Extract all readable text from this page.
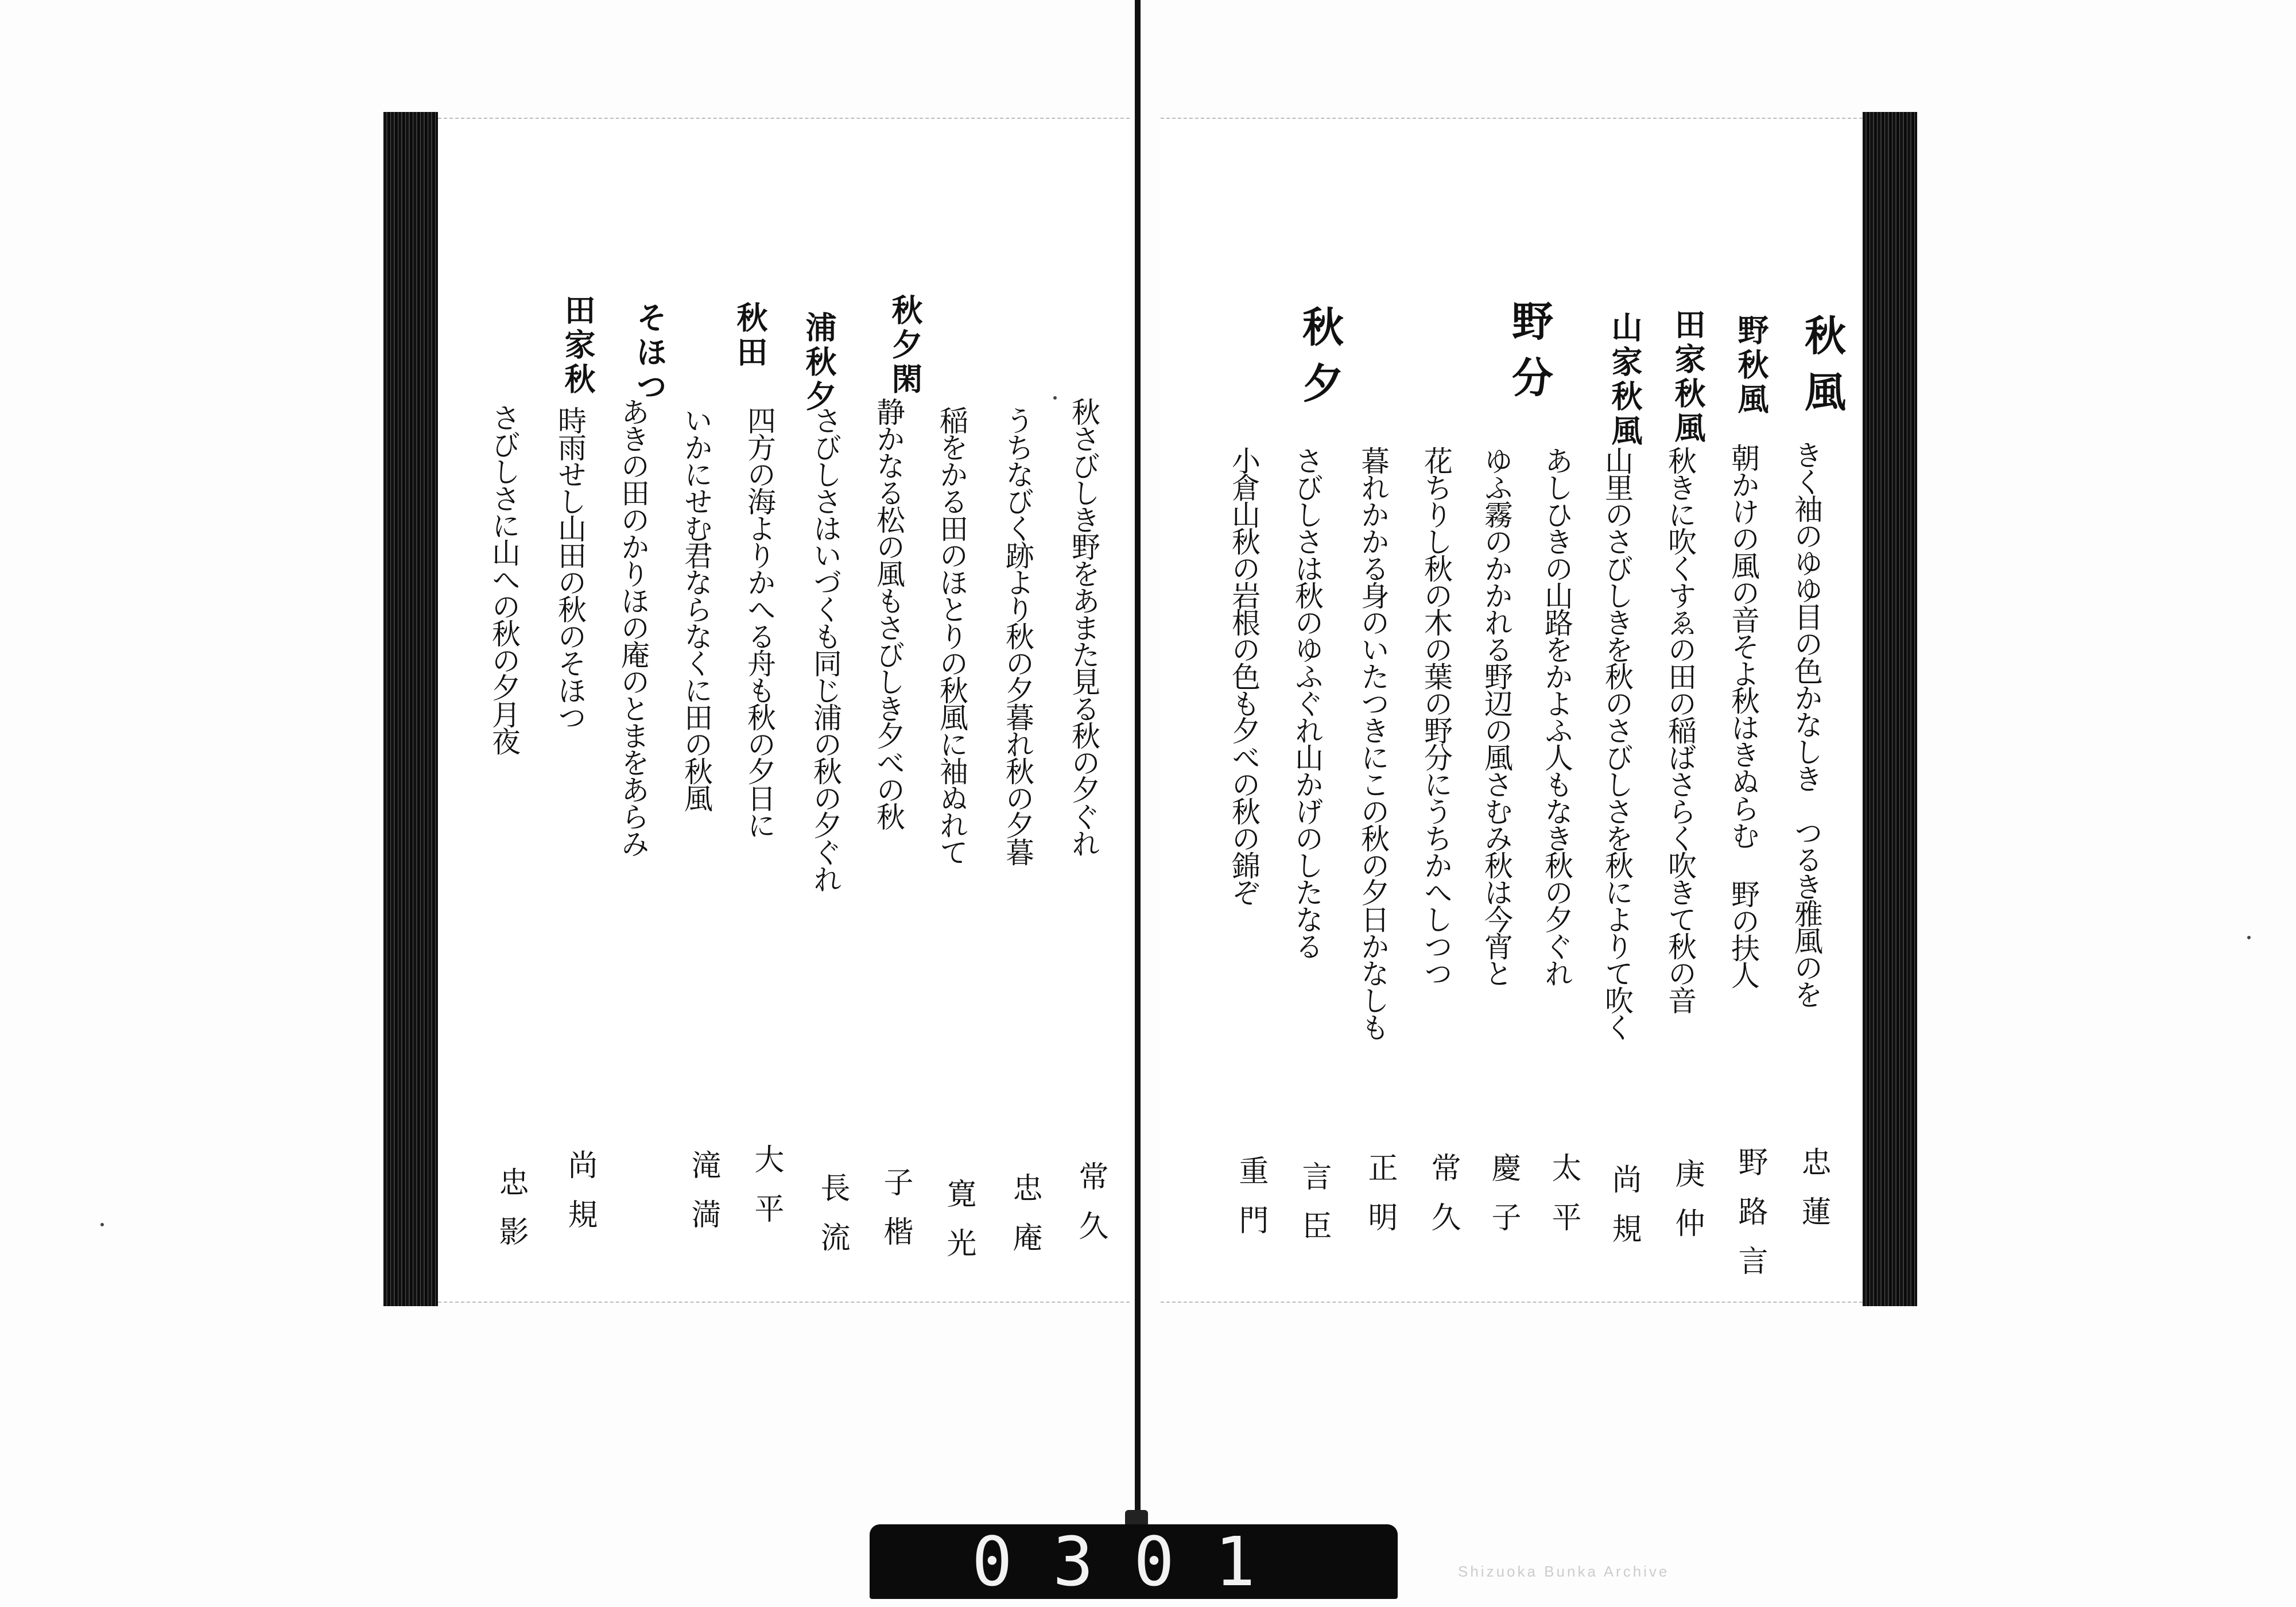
秋夕閑
浦秋夕
秋田
そほつ
田家秋
秋さびしき野をあまた見る秋の夕ぐれ
うちなびく跡より秋の夕暮れ秋の夕暮
稲をかる田のほとりの秋風に袖ぬれて
静かなる松の風もさびしき夕べの秋
さびしさはいづくも同じ浦の秋の夕ぐれ
四方の海よりかへる舟も秋の夕日に
いかにせむ君ならなくに田の秋風
あきの田のかりほの庵のとまをあらみ
時雨せし山田の秋のそほつ
さびしさに山への秋の夕月夜
常久
忠庵
寛光
子楷
長流
大平
滝満
尚規
忠影
秋風
野秋風
田家秋風
山家秋風
野分
秋夕
きく袖のゆゆ目の色かなしき　つるき雅風のを
朝かけの風の音そよ秋はきぬらむ 野の扶人
秋きに吹くすゑの田の稲ばさらく吹きて秋の音
山里のさびしきを秋のさびしさを秋によりて吹く
あしひきの山路をかよふ人もなき秋の夕ぐれ
ゆふ霧のかかれる野辺の風さむみ秋は今宵と
花ちりし秋の木の葉の野分にうちかへしつつ
暮れかかる身のいたつきにこの秋の夕日かなしも
さびしさは秋のゆふぐれ山かげのしたなる
小倉山秋の岩根の色も夕べの秋の錦ぞ
忠蓮
野路言
庚仲
尚規
太平
慶子
常久
正明
言臣
重門
0301	Shizuoka Bunka Archive
